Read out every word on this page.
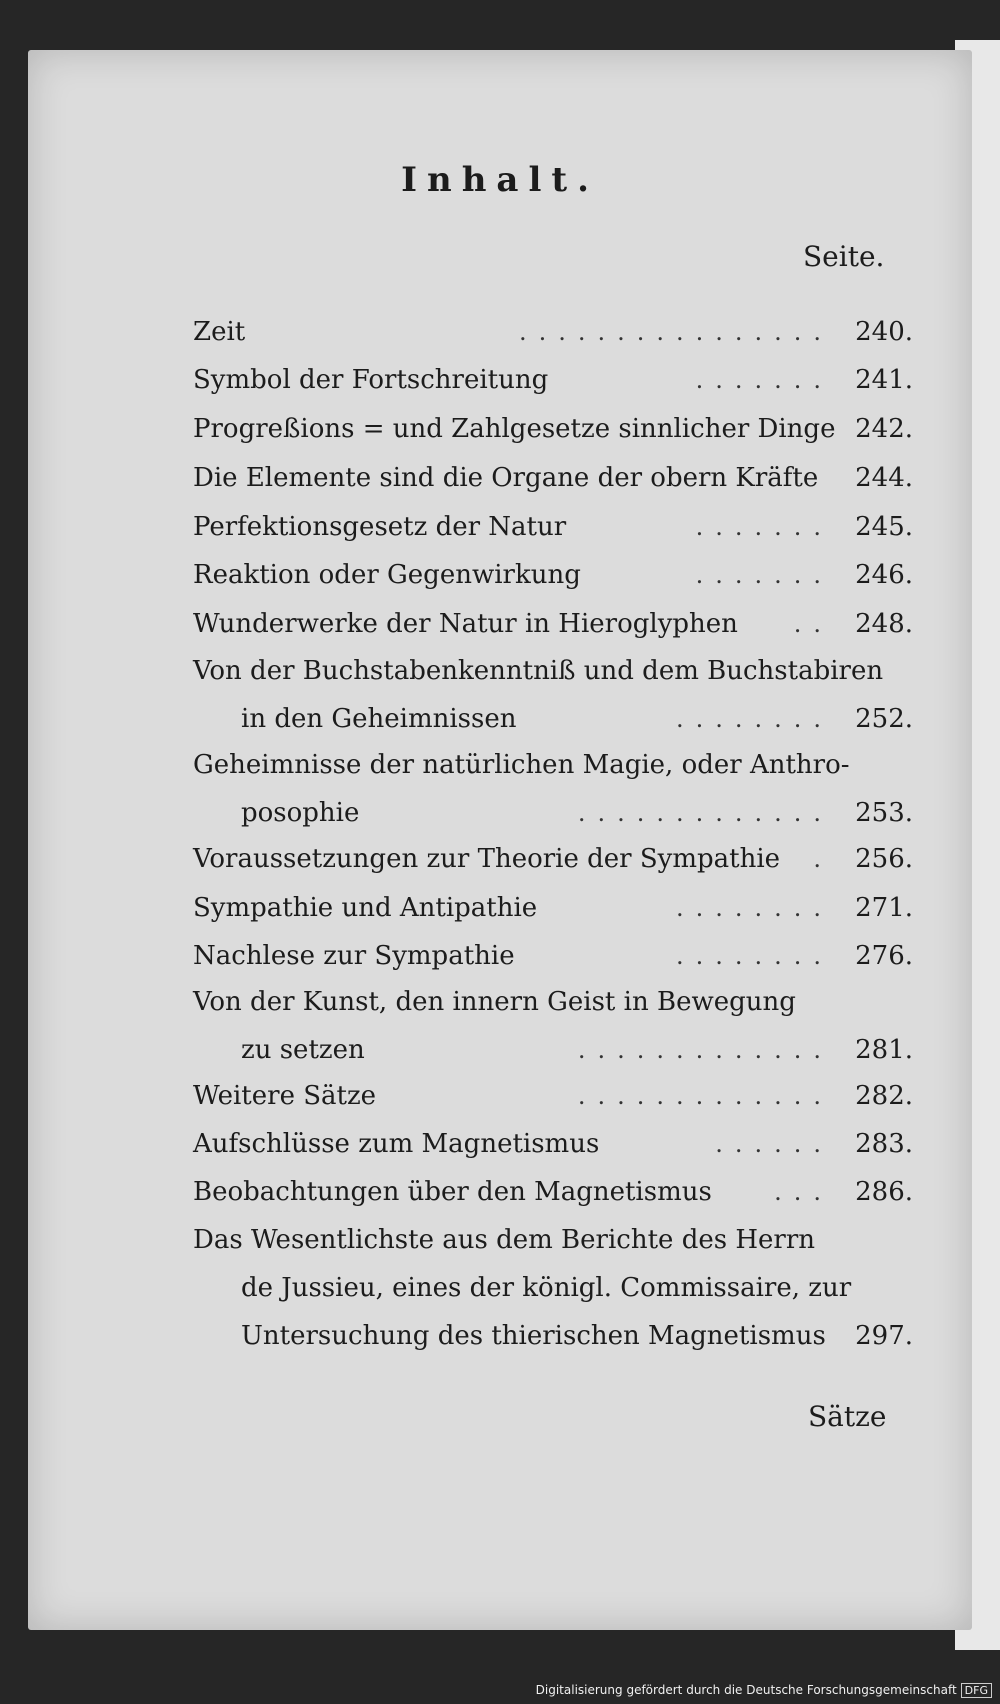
Inhalt.
Seite.
Zeit	................ 240.
Symbol der Fortschreitung	....... 241.
Progreßions = und Zahlgesetze sinnlicher Dinge 242.
Die Elemente sind die Organe der obern Kräfte	244.
Perfektionsgesetz der Natur	....... 245.
Reaktion oder Gegenwirkung	....... 246.
Wunderwerke der Natur in Hieroglyphen .. 248.
Von der Buchstabenkenntniß und dem Buchstabiren
in den Geheimnissen	........ 252.
Geheimnisse der natürlichen Magie, oder Anthro-
posophie	............. 253.
Voraussetzungen zur Theorie der Sympathie . 256.
Sympathie und Antipathie	........ 271.
Nachlese zur Sympathie	........ 276.
Von der Kunst, den innern Geist in Bewegung
zu setzen	............. 281.
Weitere Sätze	............. 282.
Aufschlüsse zum Magnetismus	...... 283.
Beobachtungen über den Magnetismus	... 286.
Das Wesentlichste aus dem Berichte des Herrn
de Jussieu, eines der königl. Commissaire, zur
Untersuchung des thierischen Magnetismus	297.
Sätze
Digitalisierung gefördert durch die Deutsche Forschungsgemeinschaft DFG
